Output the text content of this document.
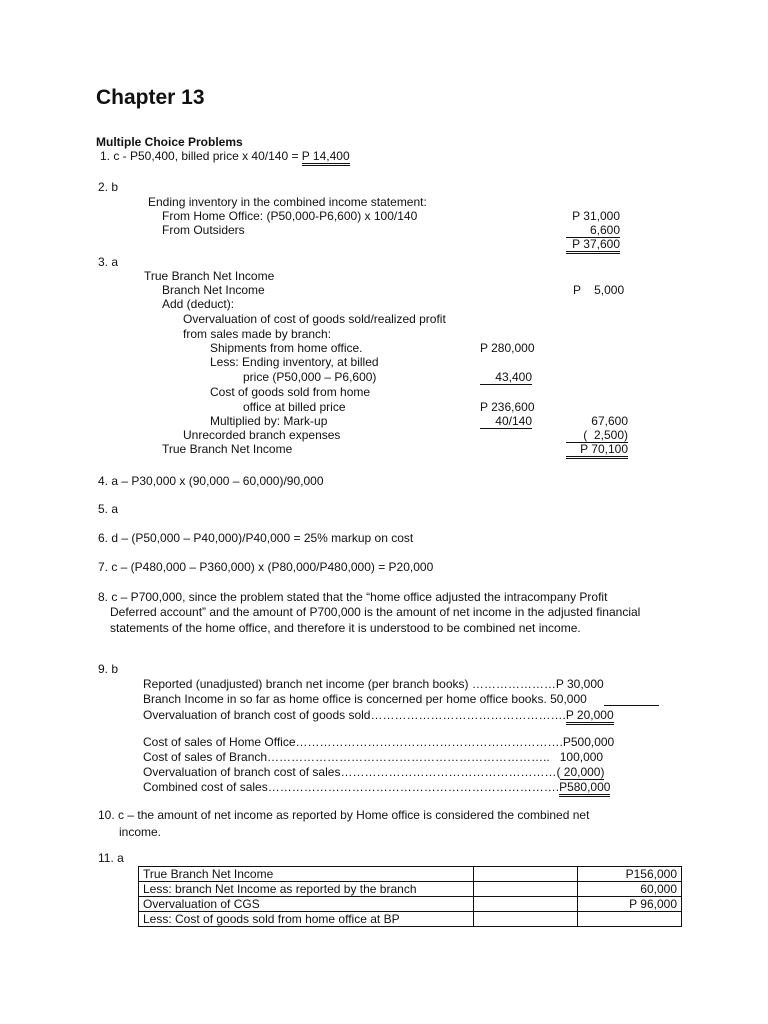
Chapter 13
Multiple Choice Problems
1. c - P50,400, billed price x 40/140 = P 14,400
2. b
Ending inventory in the combined income statement:
From Home Office: (P50,000-P6,600) x 100/140	P 31,000
From Outsiders	6,600
P 37,600
3. a
True Branch Net Income
Branch Net Income	P    5,000
Add (deduct):
Overvaluation of cost of goods sold/realized profit
from sales made by branch:
Shipments from home office.	P 280,000
Less: Ending inventory, at billed
price (P50,000 – P6,600)	43,400
Cost of goods sold from home
office at billed price	P 236,600
Multiplied by: Mark-up	40/140	67,600
Unrecorded branch expenses	(  2,500)
True Branch Net Income	P 70,100
4. a – P30,000 x (90,000 – 60,000)/90,000
5. a
6. d – (P50,000 – P40,000)/P40,000 = 25% markup on cost
7. c – (P480,000 – P360,000) x (P80,000/P480,000) = P20,000
8. c – P700,000, since the problem stated that the “home office adjusted the intracompany Profit
Deferred account” and the amount of P700,000 is the amount of net income in the adjusted financial
statements of the home office, and therefore it is understood to be combined net income.
9. b
Reported (unadjusted) branch net income (per branch books) …………………P 30,000
Branch Income in so far as home office is concerned per home office books. 50,000
Overvaluation of branch cost of goods sold………………………………………….P 20,000
Cost of sales of Home Office………………………………………………………….P500,000
Cost of sales of Branch……………………………………………………………..   100,000
Overvaluation of branch cost of sales………………………………………………( 20,000)
Combined cost of sales……………………………………………………………….P580,000
10. c – the amount of net income as reported by Home office is considered the combined net
income.
11. a
True Branch Net Income		P156,000
Less: branch Net Income as reported by the branch		60,000
Overvaluation of CGS		P 96,000
Less: Cost of goods sold from home office at BP		
